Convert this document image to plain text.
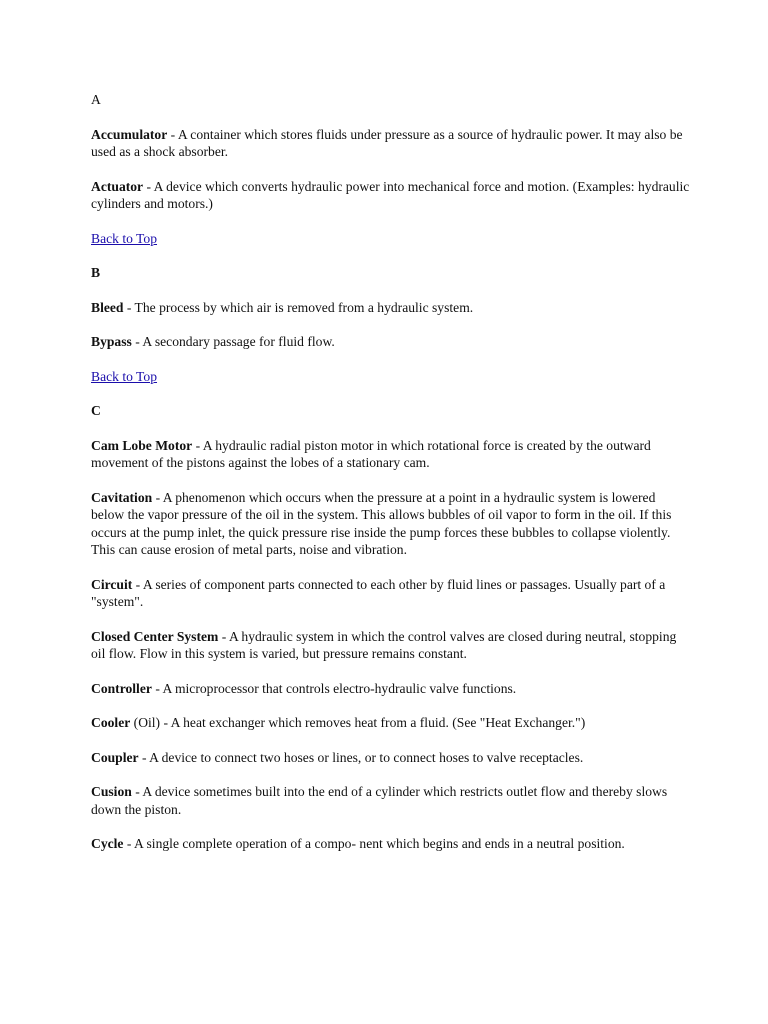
A
Accumulator - A container which stores fluids under pressure as a source of hydraulic power. It may also be used as a shock absorber.
Actuator - A device which converts hydraulic power into mechanical force and motion. (Examples: hydraulic cylinders and motors.)
Back to Top
B
Bleed - The process by which air is removed from a hydraulic system.
Bypass - A secondary passage for fluid flow.
Back to Top
C
Cam Lobe Motor - A hydraulic radial piston motor in which rotational force is created by the outward movement of the pistons against the lobes of a stationary cam.
Cavitation - A phenomenon which occurs when the pressure at a point in a hydraulic system is lowered below the vapor pressure of the oil in the system. This allows bubbles of oil vapor to form in the oil. If this occurs at the pump inlet, the quick pressure rise inside the pump forces these bubbles to collapse violently. This can cause erosion of metal parts, noise and vibration.
Circuit - A series of component parts connected to each other by fluid lines or passages. Usually part of a "system".
Closed Center System - A hydraulic system in which the control valves are closed during neutral, stopping oil flow. Flow in this system is varied, but pressure remains constant.
Controller - A microprocessor that controls electro-hydraulic valve functions.
Cooler (Oil) - A heat exchanger which removes heat from a fluid. (See "Heat Exchanger.")
Coupler - A device to connect two hoses or lines, or to connect hoses to valve receptacles.
Cusion - A device sometimes built into the end of a cylinder which restricts outlet flow and thereby slows down the piston.
Cycle - A single complete operation of a compo- nent which begins and ends in a neutral position.
